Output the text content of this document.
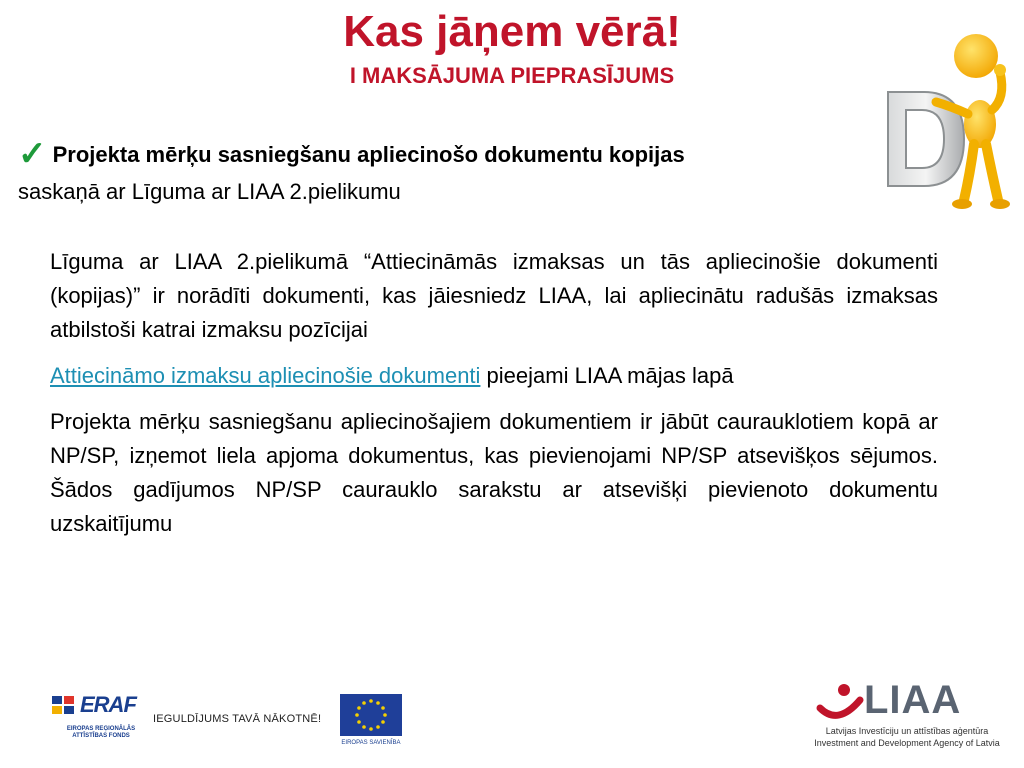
Kas jāņem vērā!
I MAKSĀJUMA PIEPRASĪJUMS
✓ Projekta mērķu sasniegšanu apliecinošo dokumentu kopijas
saskaņā ar Līguma ar LIAA 2.pielikumu

Līguma ar LIAA 2.pielikumā “Attiecināmās izmaksas un tās apliecinošie dokumenti (kopijas)” ir norādīti dokumenti, kas jāiesniedz LIAA, lai apliecinātu radušās izmaksas atbilstoši katrai izmaksu pozīcijai

Attiecināmo izmaksu apliecinošie dokumenti pieejami LIAA mājas lapā

Projekta mērķu sasniegšanu apliecinošajiem dokumentiem ir jābūt caurauklotiem kopā ar NP/SP, izņemot liela apjoma dokumentus, kas pievienojami NP/SP atsevišķos sējumos. Šādos gadījumos NP/SP caurauklo sarakstu ar atsevišķi pievienoto dokumentu uzskaitījumu

ERAF
EIROPAS REĢIONĀLĀS ATTĪSTĪBAS FONDS
IEGULDĪJUMS TAVĀ NĀKOTNĒ!
EIROPAS SAVIENĪBA
LIAA
Latvijas Investīciju un attīstības aģentūra
Investment and Development Agency of Latvia
